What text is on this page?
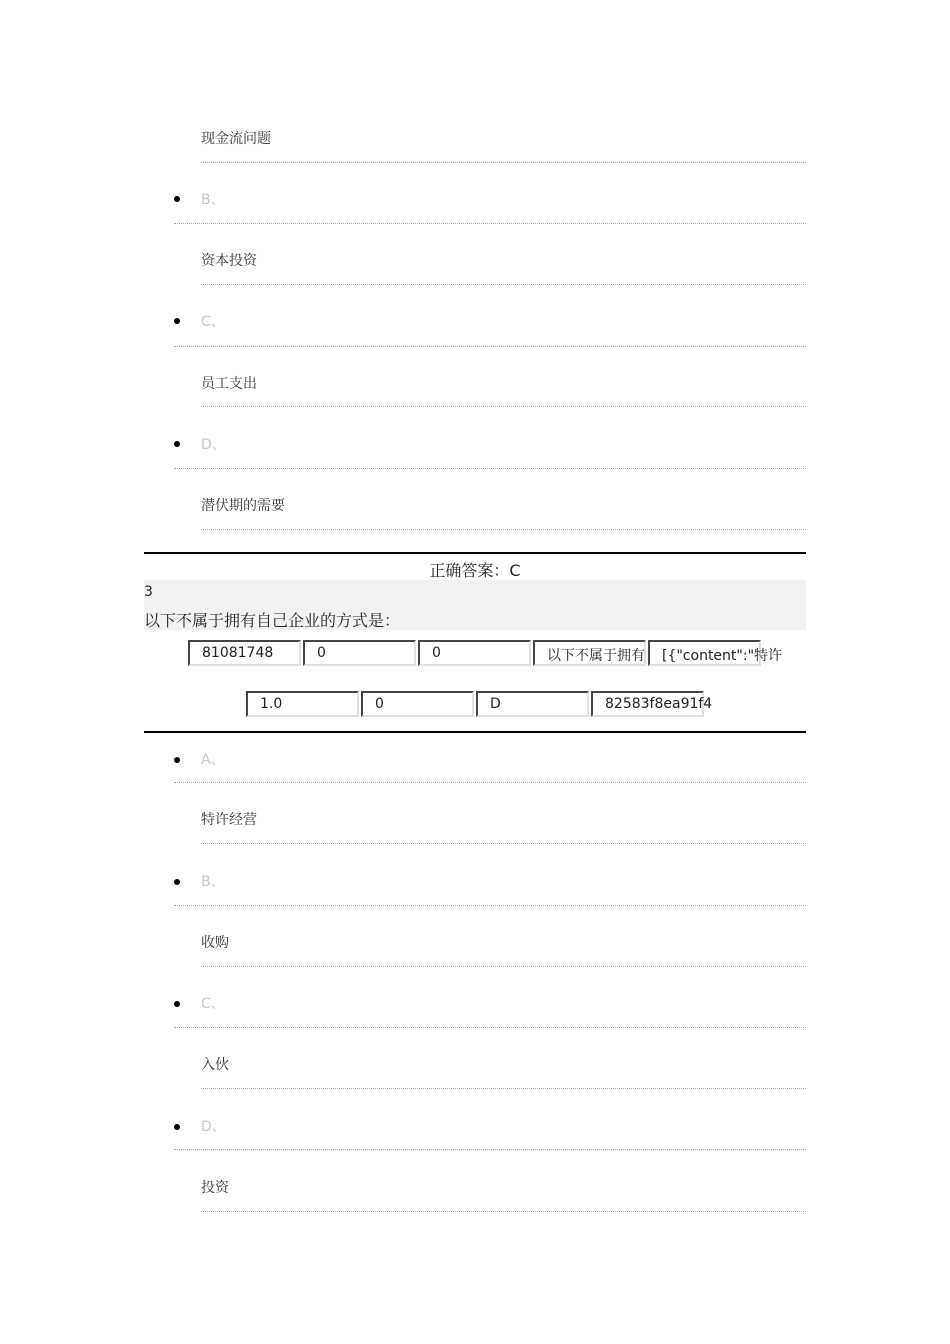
现金流问题
B、
资本投资
C、
员工支出
D、
潜伏期的需要
正确答案：C
3
以下不属于拥有自己企业的方式是：
81081748	0	0	以下不属于拥有	[{"content":"特许
1.0	0	D	82583f8ea91f4
A、
特许经营
B、
收购
C、
入伙
D、
投资
